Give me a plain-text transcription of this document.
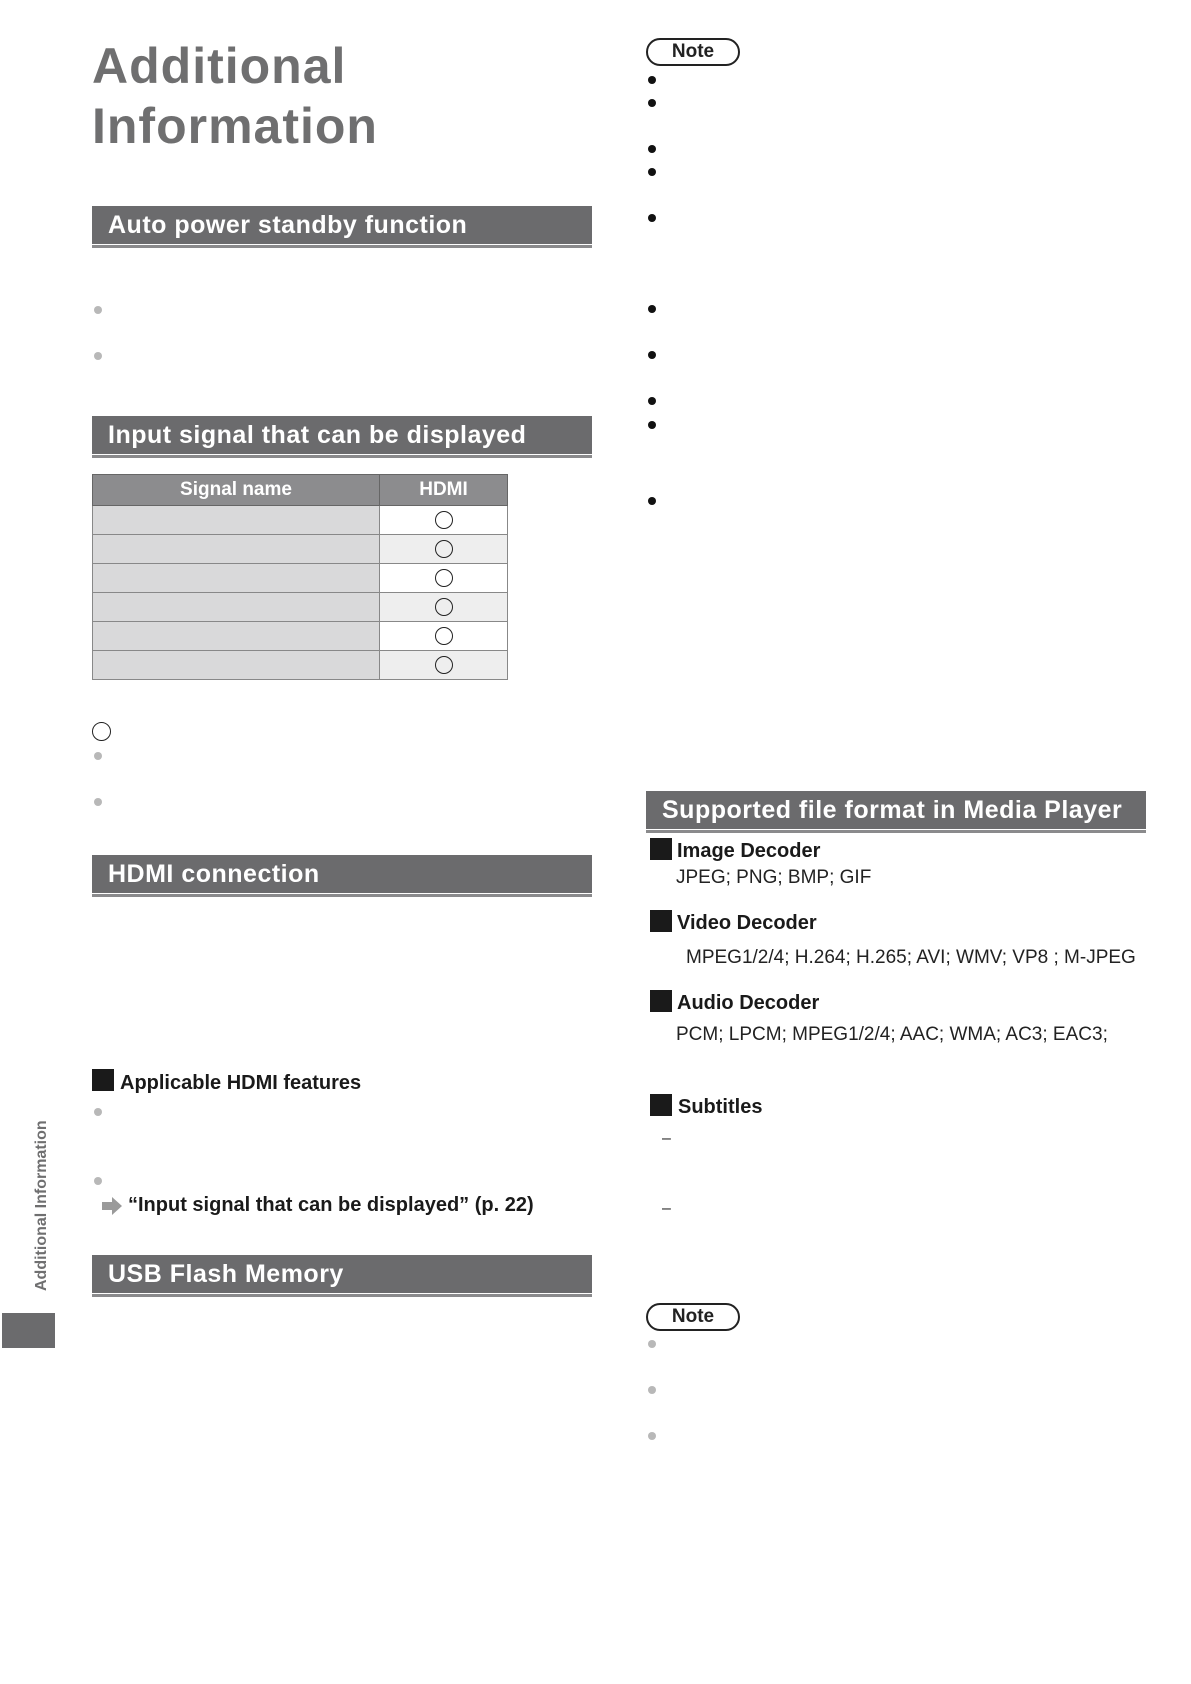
Additional
Information
Auto power standby function
Input signal that can be displayed
Signal name	HDMI

HDMI connection
Applicable HDMI features
“Input signal that can be displayed” (p. 22)
USB Flash Memory
Additional Information
Note
Supported file format in Media Player
Image Decoder
JPEG; PNG; BMP; GIF
Video Decoder
MPEG1/2/4; H.264; H.265; AVI; WMV; VP8 ; M-JPEG
Audio Decoder
PCM; LPCM; MPEG1/2/4; AAC; WMA; AC3; EAC3;
Subtitles
–
–
Note
